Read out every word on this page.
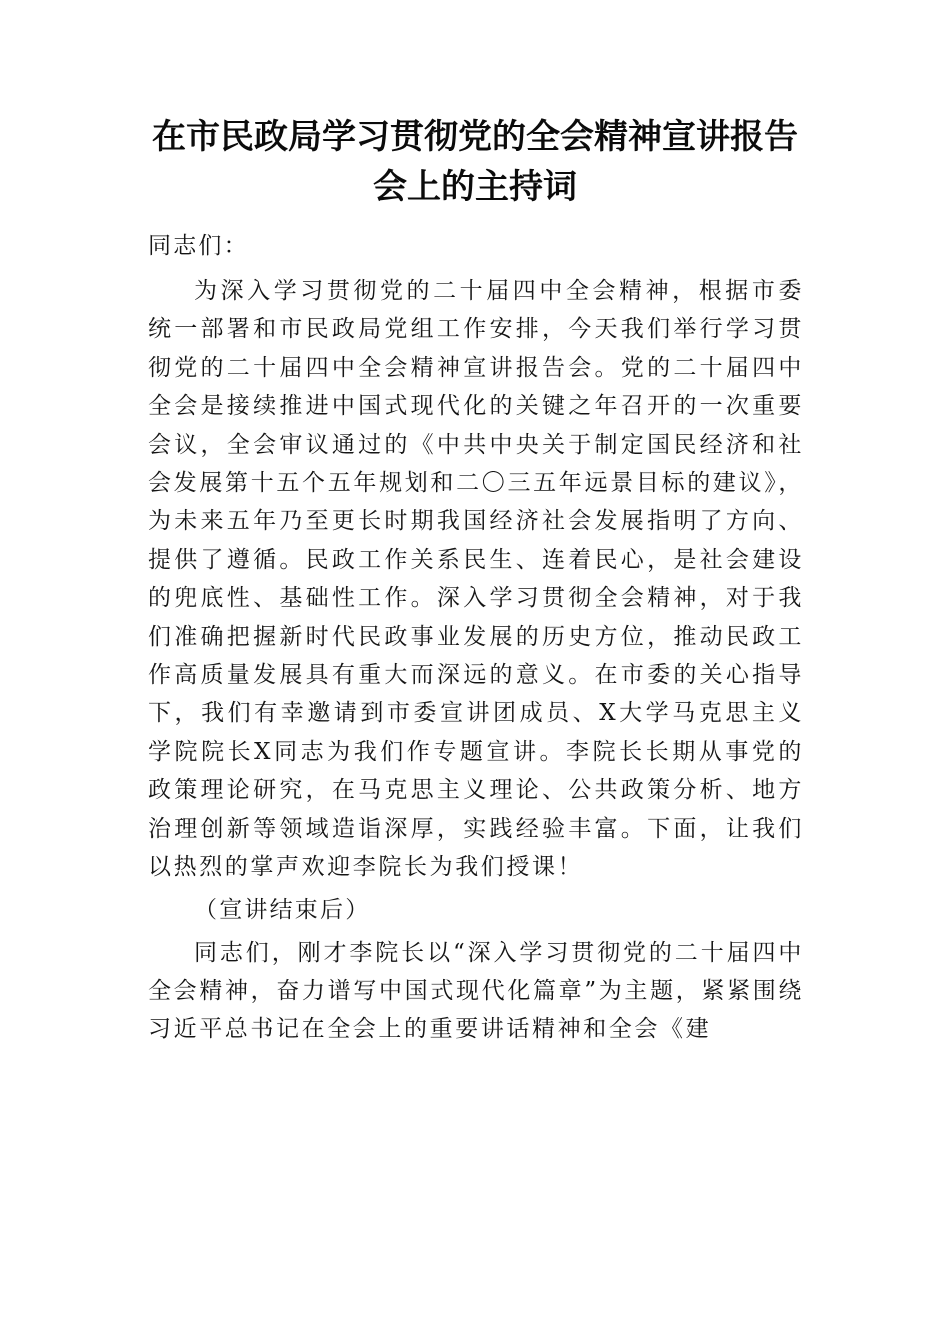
在市民政局学习贯彻党的全会精神宣讲报告会上的主持词

同志们：

为深入学习贯彻党的二十届四中全会精神，根据市委统一部署和市民政局党组工作安排，今天我们举行学习贯彻党的二十届四中全会精神宣讲报告会。党的二十届四中全会是接续推进中国式现代化的关键之年召开的一次重要会议，全会审议通过的《中共中央关于制定国民经济和社会发展第十五个五年规划和二〇三五年远景目标的建议》，为未来五年乃至更长时期我国经济社会发展指明了方向、提供了遵循。民政工作关系民生、连着民心，是社会建设的兜底性、基础性工作。深入学习贯彻全会精神，对于我们准确把握新时代民政事业发展的历史方位，推动民政工作高质量发展具有重大而深远的意义。在市委的关心指导下，我们有幸邀请到市委宣讲团成员、X大学马克思主义学院院长X同志为我们作专题宣讲。李院长长期从事党的政策理论研究，在马克思主义理论、公共政策分析、地方治理创新等领域造诣深厚，实践经验丰富。下面，让我们以热烈的掌声欢迎李院长为我们授课！

（宣讲结束后）

同志们，刚才李院长以“深入学习贯彻党的二十届四中全会精神，奋力谱写中国式现代化篇章”为主题，紧紧围绕习近平总书记在全会上的重要讲话精神和全会《建
